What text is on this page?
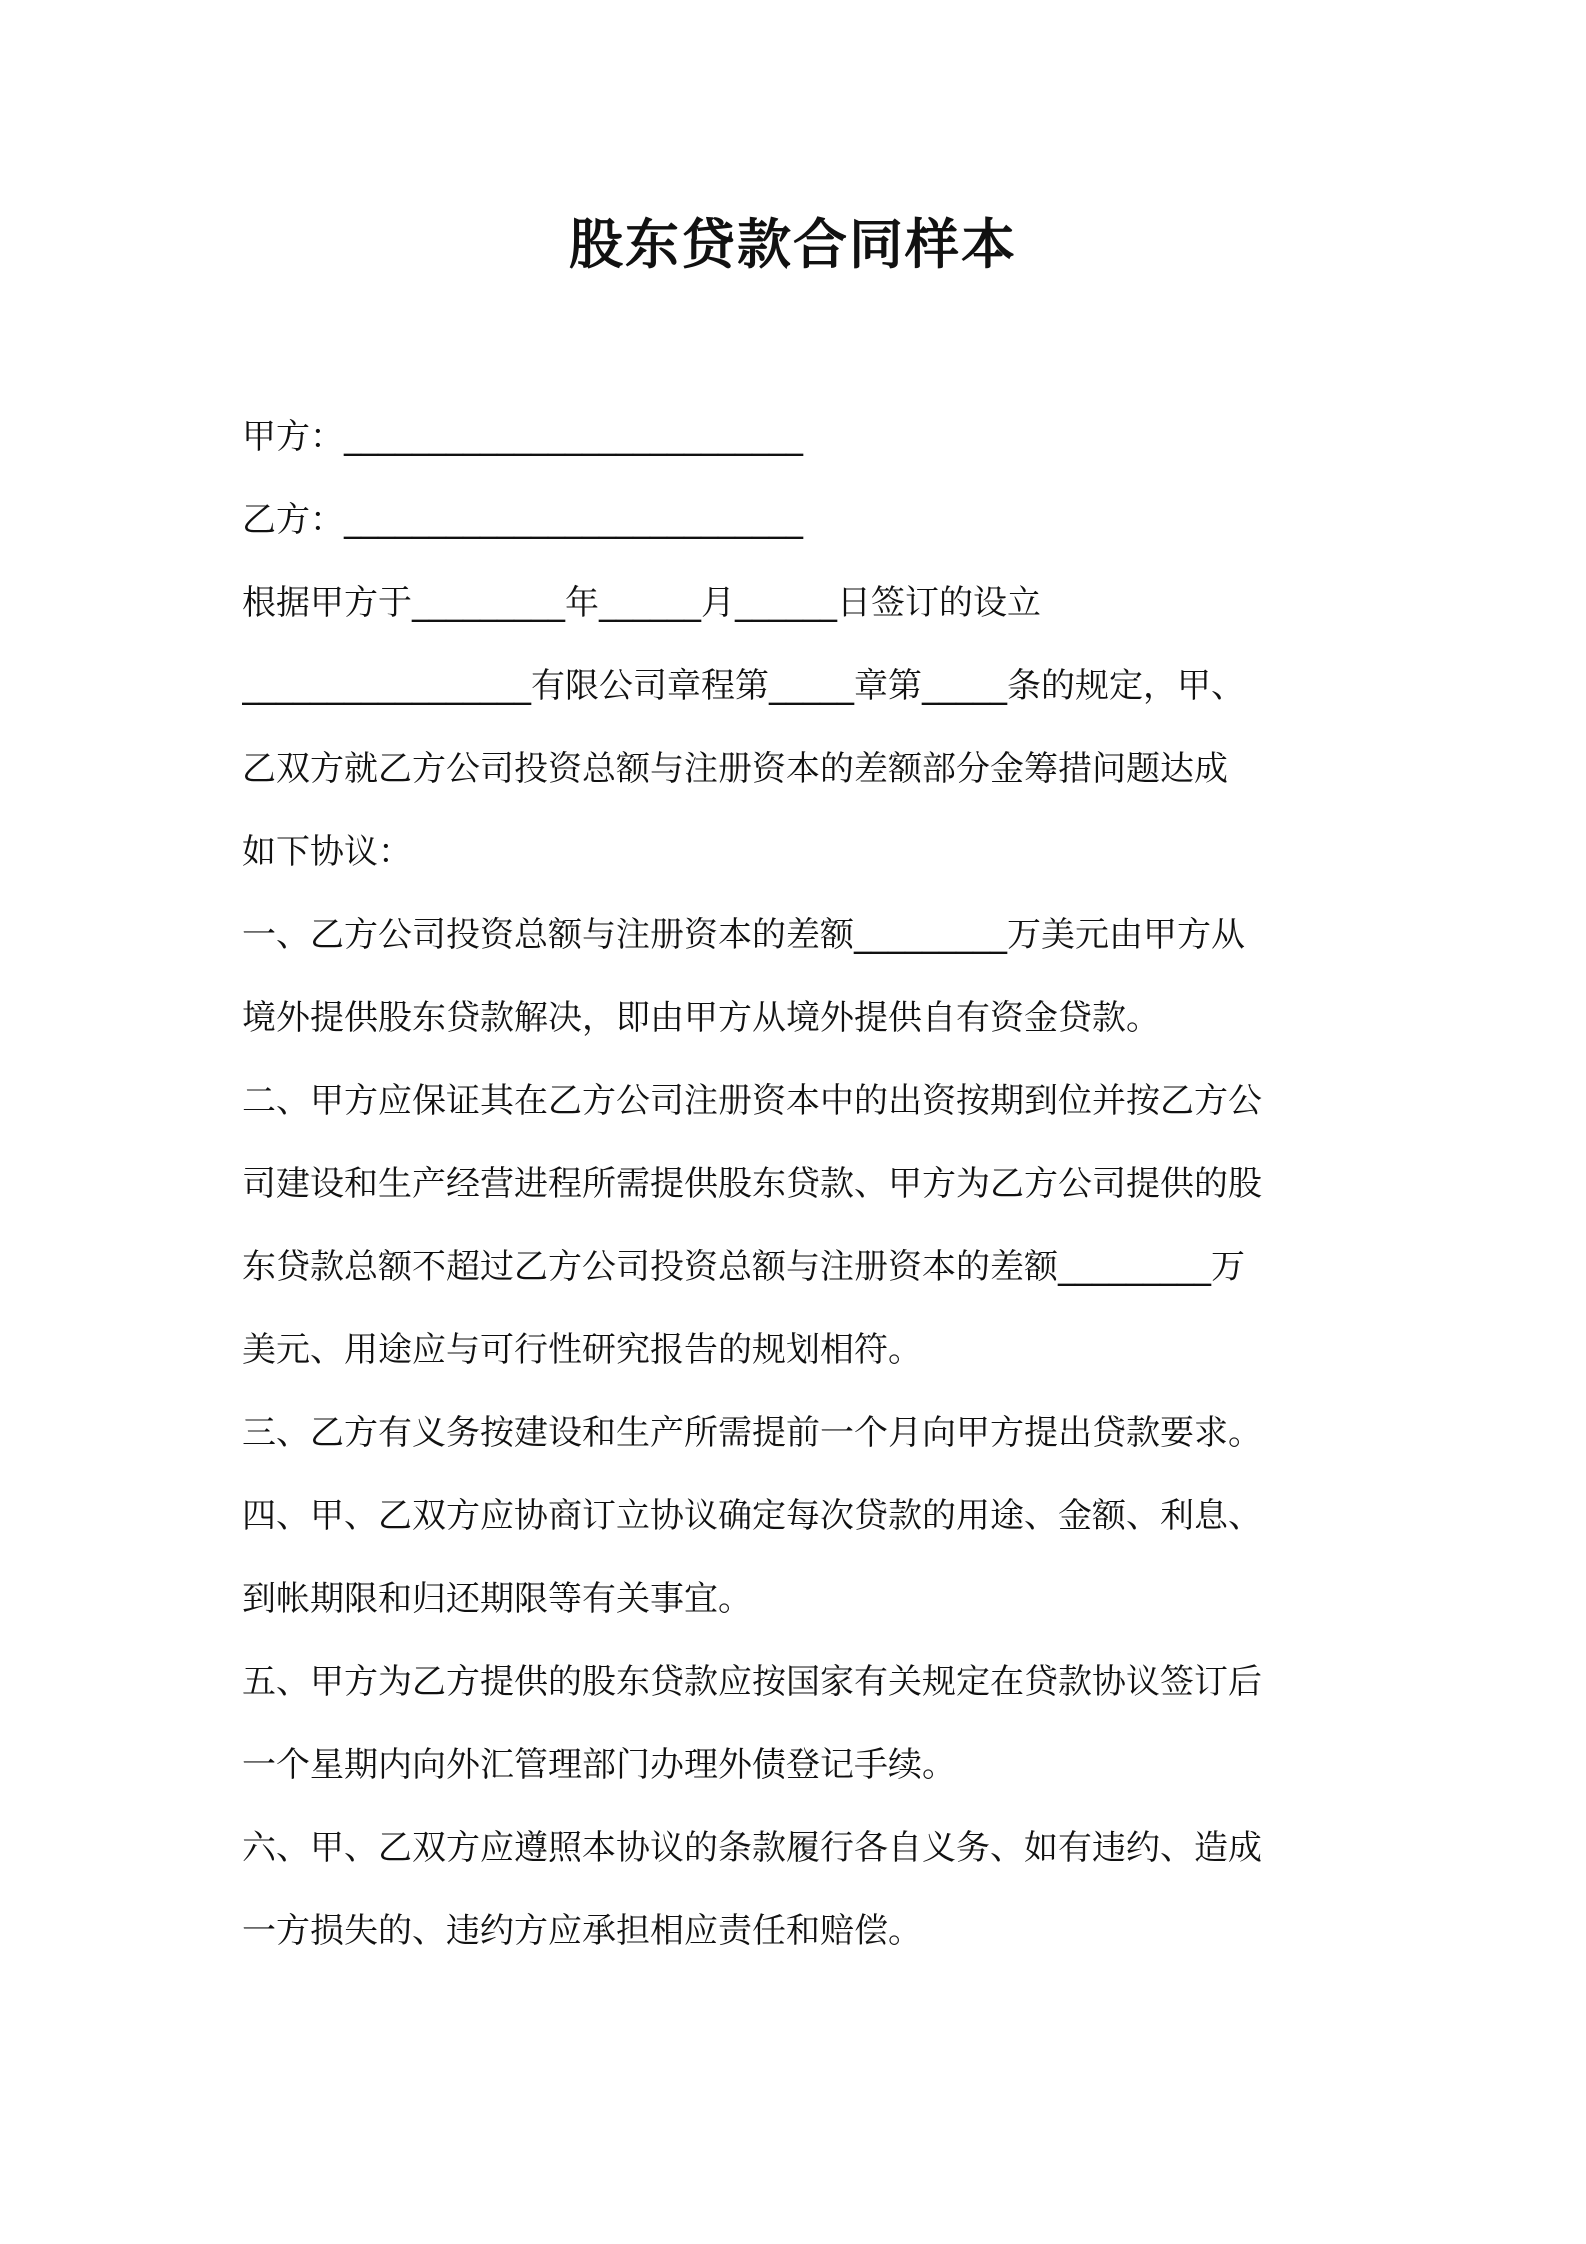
股东贷款合同样本
甲方：___________________________
乙方：___________________________
根据甲方于_________年______月______日签订的设立
_________________有限公司章程第_____章第_____条的规定，甲、
乙双方就乙方公司投资总额与注册资本的差额部分金筹措问题达成
如下协议：
一、乙方公司投资总额与注册资本的差额_________万美元由甲方从
境外提供股东贷款解决，即由甲方从境外提供自有资金贷款。
二、甲方应保证其在乙方公司注册资本中的出资按期到位并按乙方公
司建设和生产经营进程所需提供股东贷款、甲方为乙方公司提供的股
东贷款总额不超过乙方公司投资总额与注册资本的差额_________万
美元、用途应与可行性研究报告的规划相符。
三、乙方有义务按建设和生产所需提前一个月向甲方提出贷款要求。
四、甲、乙双方应协商订立协议确定每次贷款的用途、金额、利息、
到帐期限和归还期限等有关事宜。
五、甲方为乙方提供的股东贷款应按国家有关规定在贷款协议签订后
一个星期内向外汇管理部门办理外债登记手续。
六、甲、乙双方应遵照本协议的条款履行各自义务、如有违约、造成
一方损失的、违约方应承担相应责任和赔偿。
